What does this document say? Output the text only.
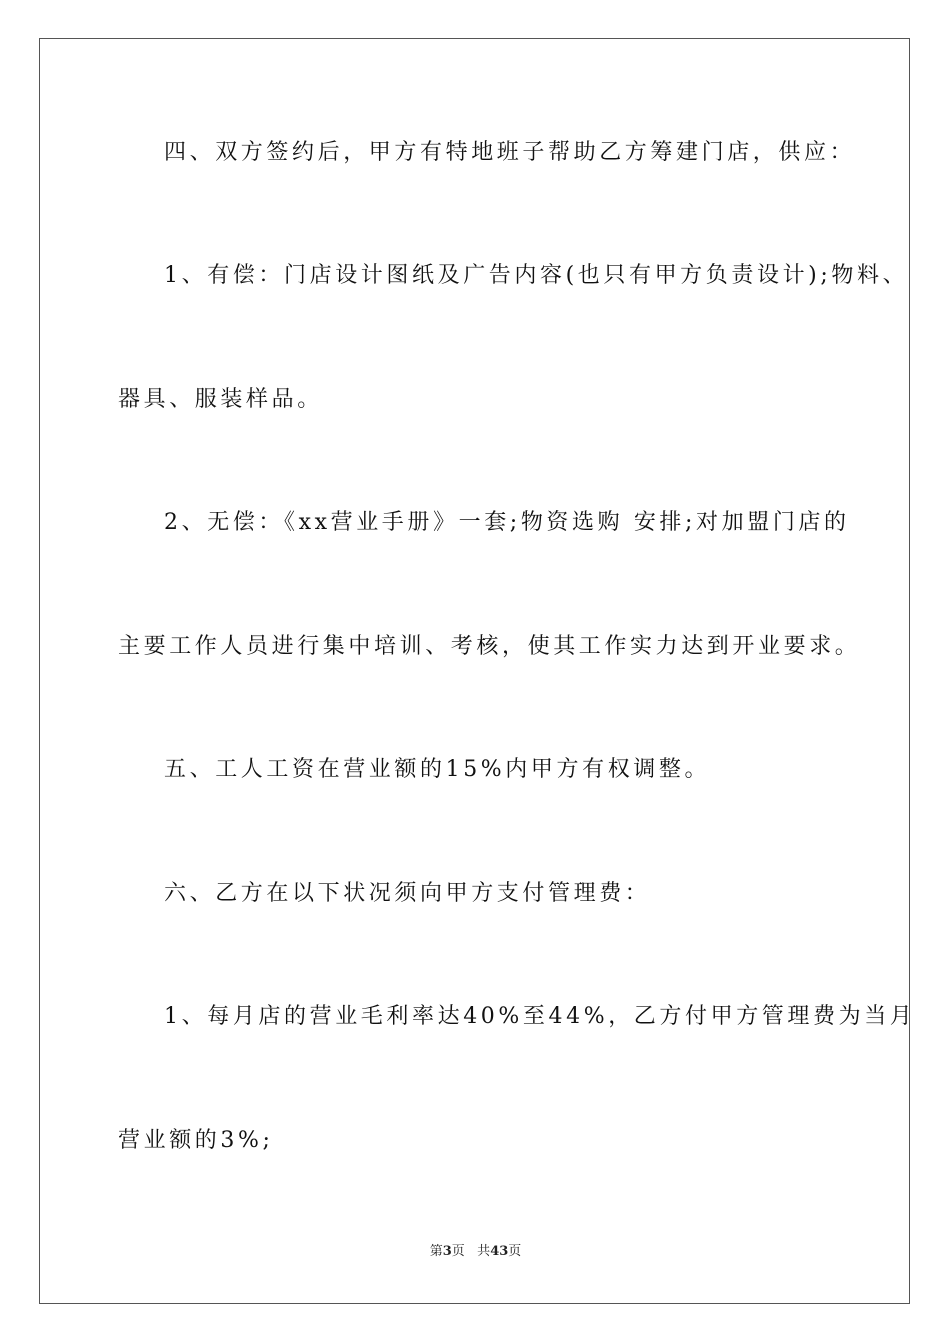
四、双方签约后，甲方有特地班子帮助乙方筹建门店，供应：
1、有偿：门店设计图纸及广告内容(也只有甲方负责设计);物料、
器具、服装样品。
2、无偿：《xx营业手册》一套;物资选购 安排;对加盟门店的
主要工作人员进行集中培训、考核，使其工作实力达到开业要求。
五、工人工资在营业额的15%内甲方有权调整。
六、乙方在以下状况须向甲方支付管理费：
1、每月店的营业毛利率达40%至44%，乙方付甲方管理费为当月
营业额的3%;
第3页 共43页
